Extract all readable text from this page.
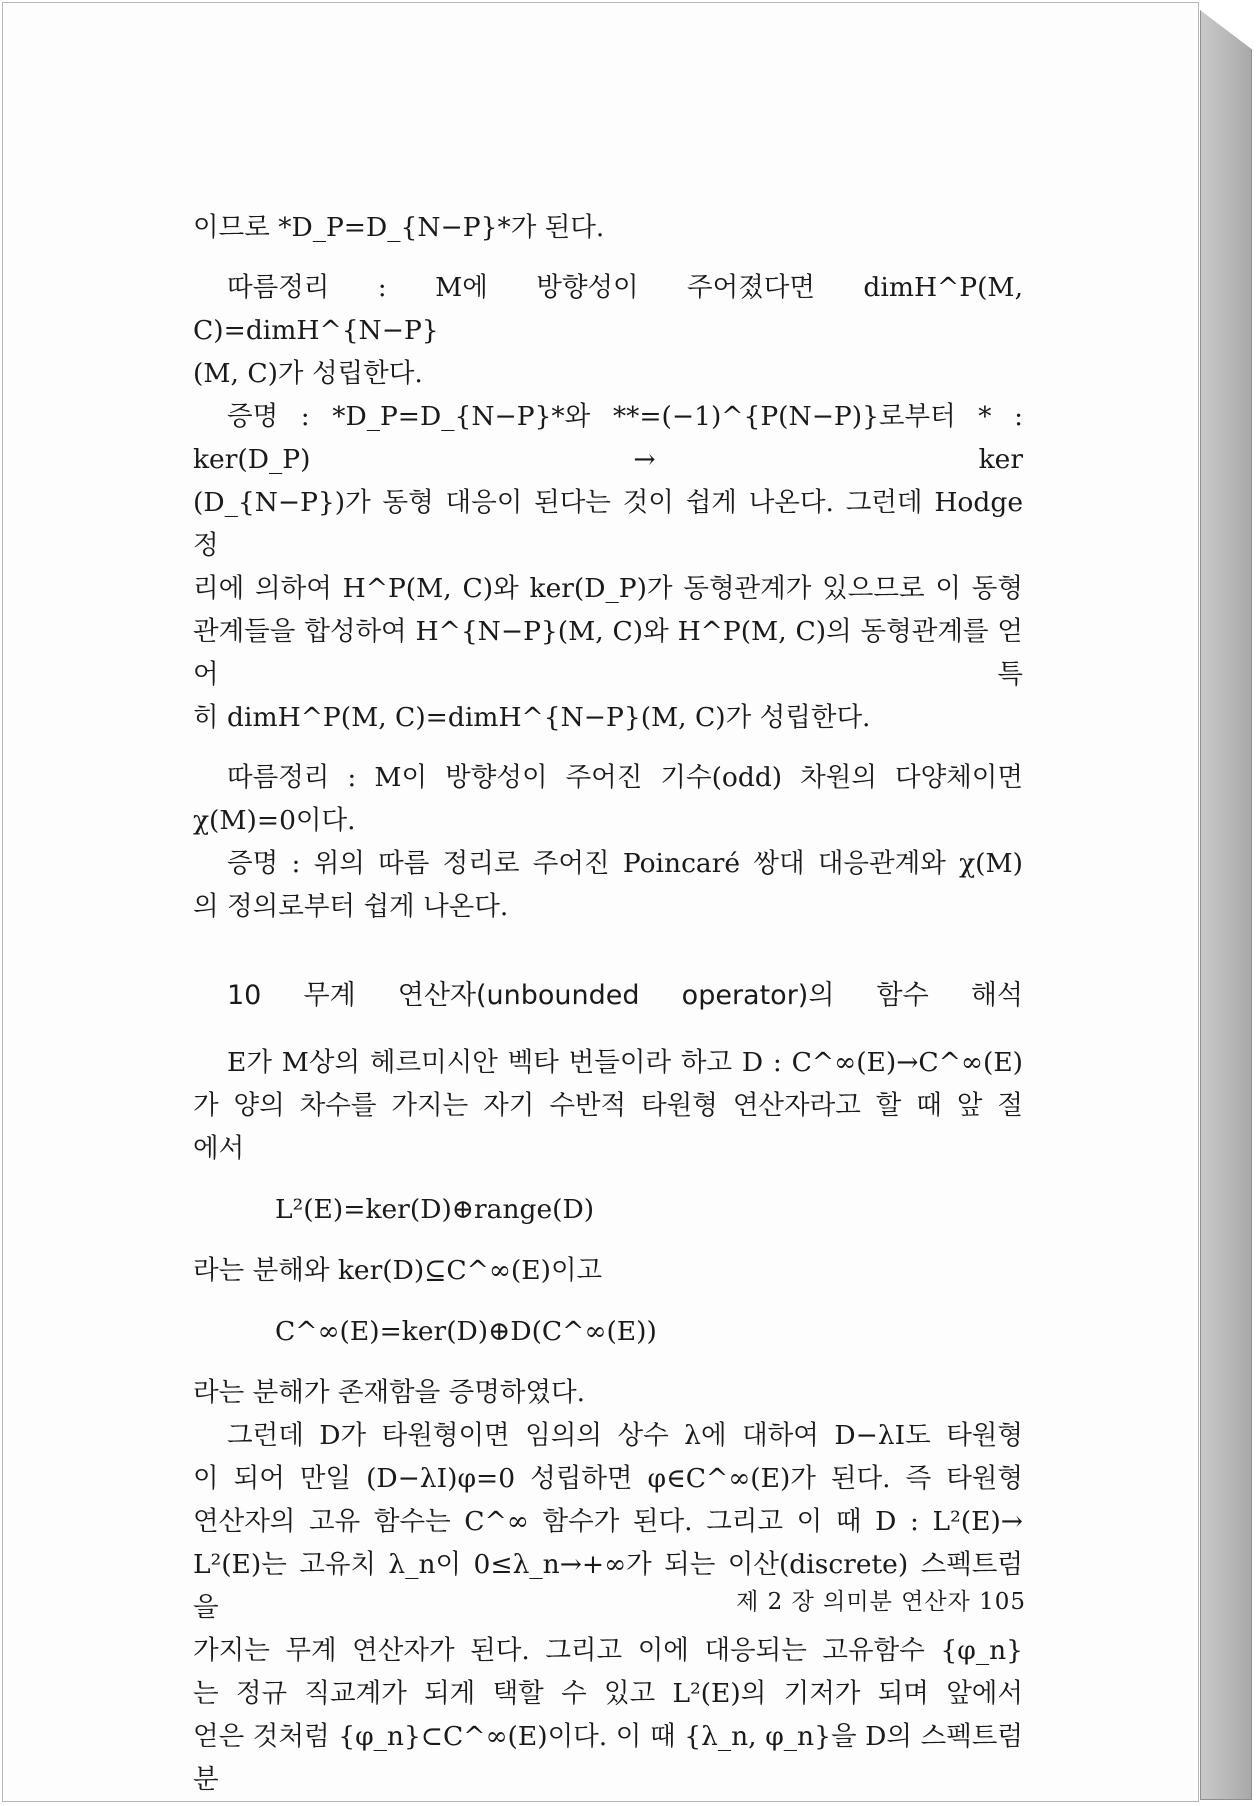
이므로 *D_P=D_{N−P}*가 된다.

따름정리 : M에 방향성이 주어졌다면 dimH^P(M, C)=dimH^{N−P}

(M, C)가 성립한다.

증명 : *D_P=D_{N−P}*와 **=(−1)^{P(N−P)}로부터 * : ker(D_P) → ker

(D_{N−P})가 동형 대응이 된다는 것이 쉽게 나온다. 그런데 Hodge 정

리에 의하여 H^P(M, C)와 ker(D_P)가 동형관계가 있으므로 이 동형

관계들을 합성하여 H^{N−P}(M, C)와 H^P(M, C)의 동형관계를 얻어 특

히 dimH^P(M, C)=dimH^{N−P}(M, C)가 성립한다.

따름정리 : M이 방향성이 주어진 기수(odd) 차원의 다양체이면

χ(M)=0이다.

증명 : 위의 따름 정리로 주어진 Poincaré 쌍대 대응관계와 χ(M)

의 정의로부터 쉽게 나온다.

10 무계 연산자(unbounded operator)의 함수 해석

E가 M상의 헤르미시안 벡타 번들이라 하고 D : C^∞(E)→C^∞(E)

가 양의 차수를 가지는 자기 수반적 타원형 연산자라고 할 때 앞 절

에서

L²(E)=ker(D)⊕range(D)

라는 분해와 ker(D)⊆C^∞(E)이고

C^∞(E)=ker(D)⊕D(C^∞(E))

라는 분해가 존재함을 증명하였다.

그런데 D가 타원형이면 임의의 상수 λ에 대하여 D−λI도 타원형

이 되어 만일 (D−λI)φ=0 성립하면 φ∈C^∞(E)가 된다. 즉 타원형

연산자의 고유 함수는 C^∞ 함수가 된다. 그리고 이 때 D : L²(E)→

L²(E)는 고유치 λ_n이 0≤λ_n→+∞가 되는 이산(discrete) 스펙트럼을

가지는 무계 연산자가 된다. 그리고 이에 대응되는 고유함수 {φ_n}

는 정규 직교계가 되게 택할 수 있고 L²(E)의 기저가 되며 앞에서

얻은 것처럼 {φ_n}⊂C^∞(E)이다. 이 때 {λ_n, φ_n}을 D의 스펙트럼 분

제 2 장 의미분 연산자 105
